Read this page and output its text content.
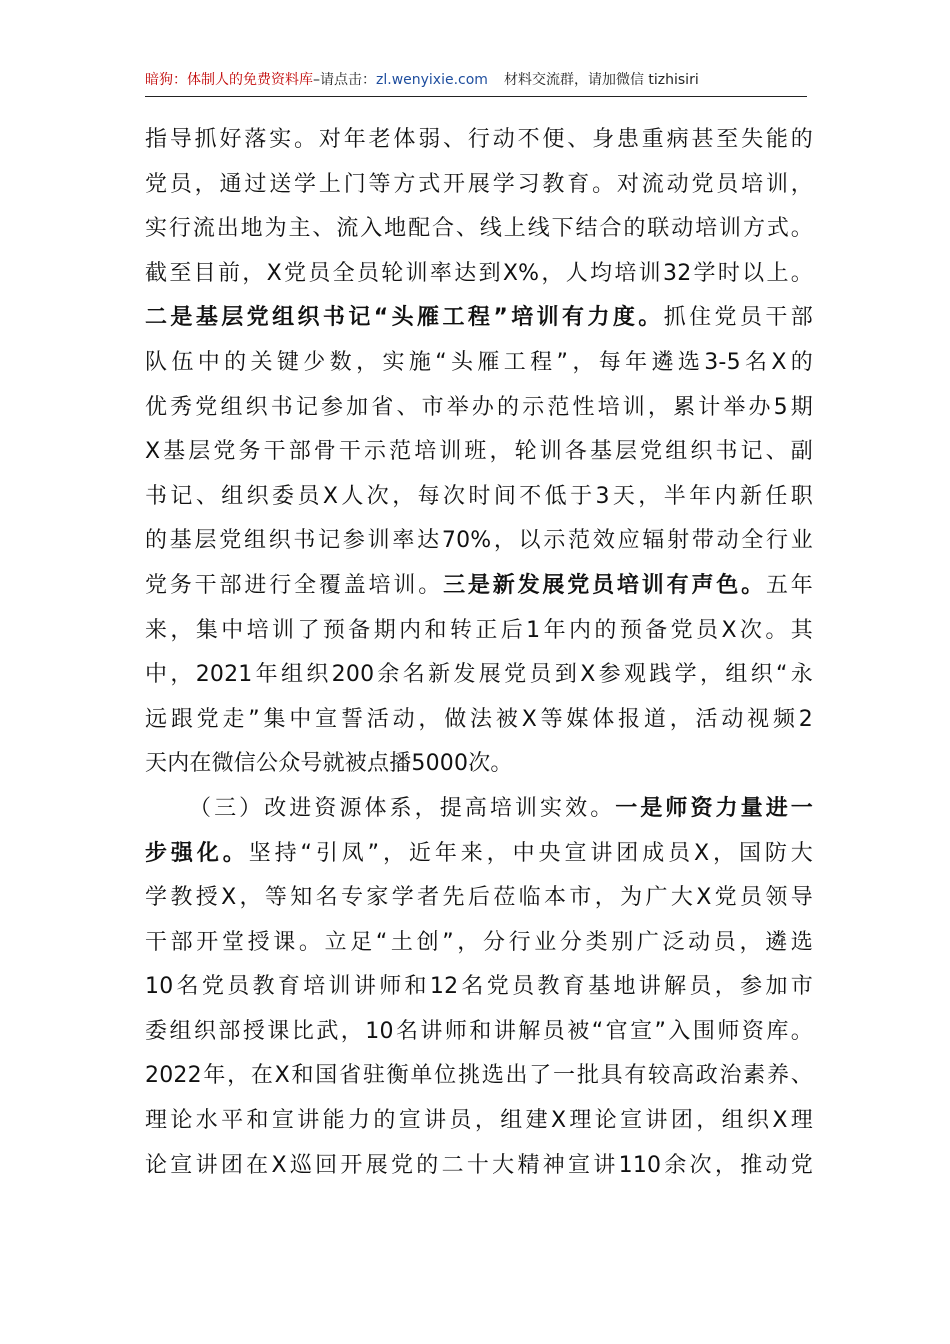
暗狗：体制人的免费资料库–请点击：zl.wenyixie.com 材料交流群，请加微信 tizhisiri
指导抓好落实。对年老体弱、行动不便、身患重病甚至失能的
党员，通过送学上门等方式开展学习教育。对流动党员培训，
实行流出地为主、流入地配合、线上线下结合的联动培训方式。
截至目前，X党员全员轮训率达到X%，人均培训32学时以上。
二是基层党组织书记“头雁工程”培训有力度。抓住党员干部
队伍中的关键少数，实施“头雁工程”，每年遴选3-5名X的
优秀党组织书记参加省、市举办的示范性培训，累计举办5期
X基层党务干部骨干示范培训班，轮训各基层党组织书记、副
书记、组织委员X人次，每次时间不低于3天，半年内新任职
的基层党组织书记参训率达70%，以示范效应辐射带动全行业
党务干部进行全覆盖培训。三是新发展党员培训有声色。五年
来，集中培训了预备期内和转正后1年内的预备党员X次。其
中，2021年组织200余名新发展党员到X参观践学，组织“永
远跟党走”集中宣誓活动，做法被X等媒体报道，活动视频2
天内在微信公众号就被点播5000次。
（三）改进资源体系，提高培训实效。一是师资力量进一
步强化。坚持“引凤”，近年来，中央宣讲团成员X，国防大
学教授X，等知名专家学者先后莅临本市，为广大X党员领导
干部开堂授课。立足“土创”，分行业分类别广泛动员，遴选
10名党员教育培训讲师和12名党员教育基地讲解员，参加市
委组织部授课比武，10名讲师和讲解员被“官宣”入围师资库。
2022年，在X和国省驻衡单位挑选出了一批具有较高政治素养、
理论水平和宣讲能力的宣讲员，组建X理论宣讲团，组织X理
论宣讲团在X巡回开展党的二十大精神宣讲110余次，推动党
